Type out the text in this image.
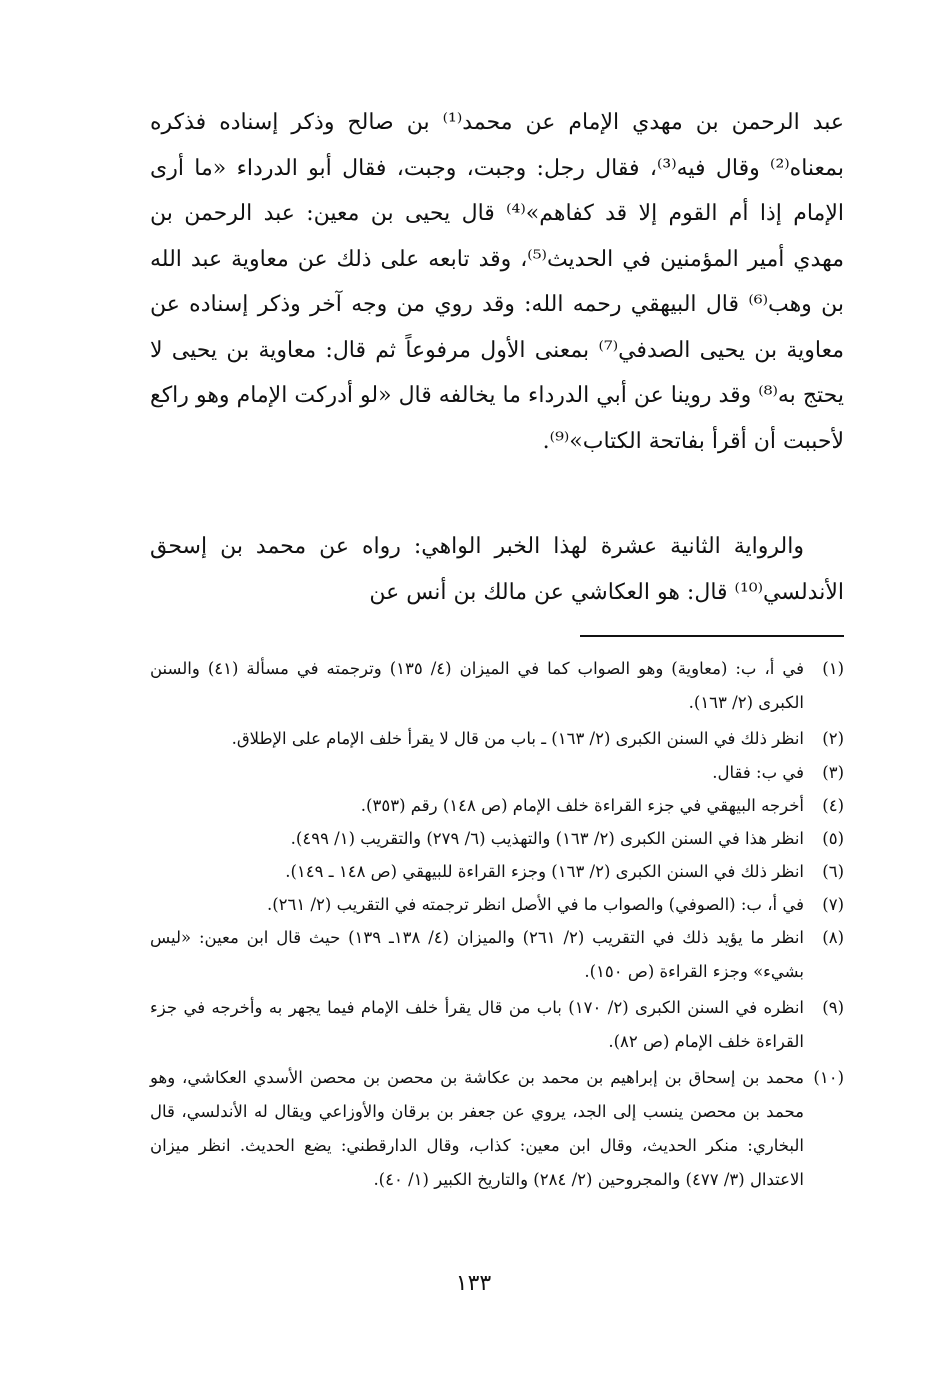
عبد الرحمن بن مهدي الإمام عن محمد⁽¹⁾ بن صالح وذكر إسناده فذكره بمعناه⁽²⁾ وقال فيه⁽³⁾، فقال رجل: وجبت، وجبت، فقال أبو الدرداء «ما أرى الإمام إذا أم القوم إلا قد كفاهم»⁽⁴⁾ قال يحيى بن معين: عبد الرحمن بن مهدي أمير المؤمنين في الحديث⁽⁵⁾، وقد تابعه على ذلك عن معاوية عبد الله بن وهب⁽⁶⁾ قال البيهقي رحمه الله: وقد روي من وجه آخر وذكر إسناده عن معاوية بن يحيى الصدفي⁽⁷⁾ بمعنى الأول مرفوعاً ثم قال: معاوية بن يحيى لا يحتج به⁽⁸⁾ وقد روينا عن أبي الدرداء ما يخالفه قال «لو أدركت الإمام وهو راكع لأحببت أن أقرأ بفاتحة الكتاب»⁽⁹⁾.

والرواية الثانية عشرة لهذا الخبر الواهي: رواه عن محمد بن إسحق الأندلسي⁽¹⁰⁾ قال: هو العكاشي عن مالك بن أنس عن

(١)
في أ، ب: (معاوية) وهو الصواب كما في الميزان (٤/ ١٣٥) وترجمته في مسألة (٤١) والسنن الكبرى (٢/ ١٦٣).
(٢)
انظر ذلك في السنن الكبرى (٢/ ١٦٣) ـ باب من قال لا يقرأ خلف الإمام على الإطلاق.
(٣)
في ب: فقال.
(٤)
أخرجه البيهقي في جزء القراءة خلف الإمام (ص ١٤٨) رقم (٣٥٣).
(٥)
انظر هذا في السنن الكبرى (٢/ ١٦٣) والتهذيب (٦/ ٢٧٩) والتقريب (١/ ٤٩٩).
(٦)
انظر ذلك في السنن الكبرى (٢/ ١٦٣) وجزء القراءة للبيهقي (ص ١٤٨ ـ ١٤٩).
(٧)
في أ، ب: (الصوفي) والصواب ما في الأصل انظر ترجمته في التقريب (٢/ ٢٦١).
(٨)
انظر ما يؤيد ذلك في التقريب (٢/ ٢٦١) والميزان (٤/ ١٣٨ـ ١٣٩) حيث قال ابن معين: «ليس بشيء» وجزء القراءة (ص ١٥٠).
(٩)
انظره في السنن الكبرى (٢/ ١٧٠) باب من قال يقرأ خلف الإمام فيما يجهر به وأخرجه في جزء القراءة خلف الإمام (ص ٨٢).
(١٠)
محمد بن إسحاق بن إبراهيم بن محمد بن عكاشة بن محصن بن محصن الأسدي العكاشي، وهو محمد بن محصن ينسب إلى الجد، يروي عن جعفر بن برقان والأوزاعي ويقال له الأندلسي، قال البخاري: منكر الحديث، وقال ابن معين: كذاب، وقال الدارقطني: يضع الحديث. انظر ميزان الاعتدال (٣/ ٤٧٧) والمجروحين (٢/ ٢٨٤) والتاريخ الكبير (١/ ٤٠).
١٣٣
